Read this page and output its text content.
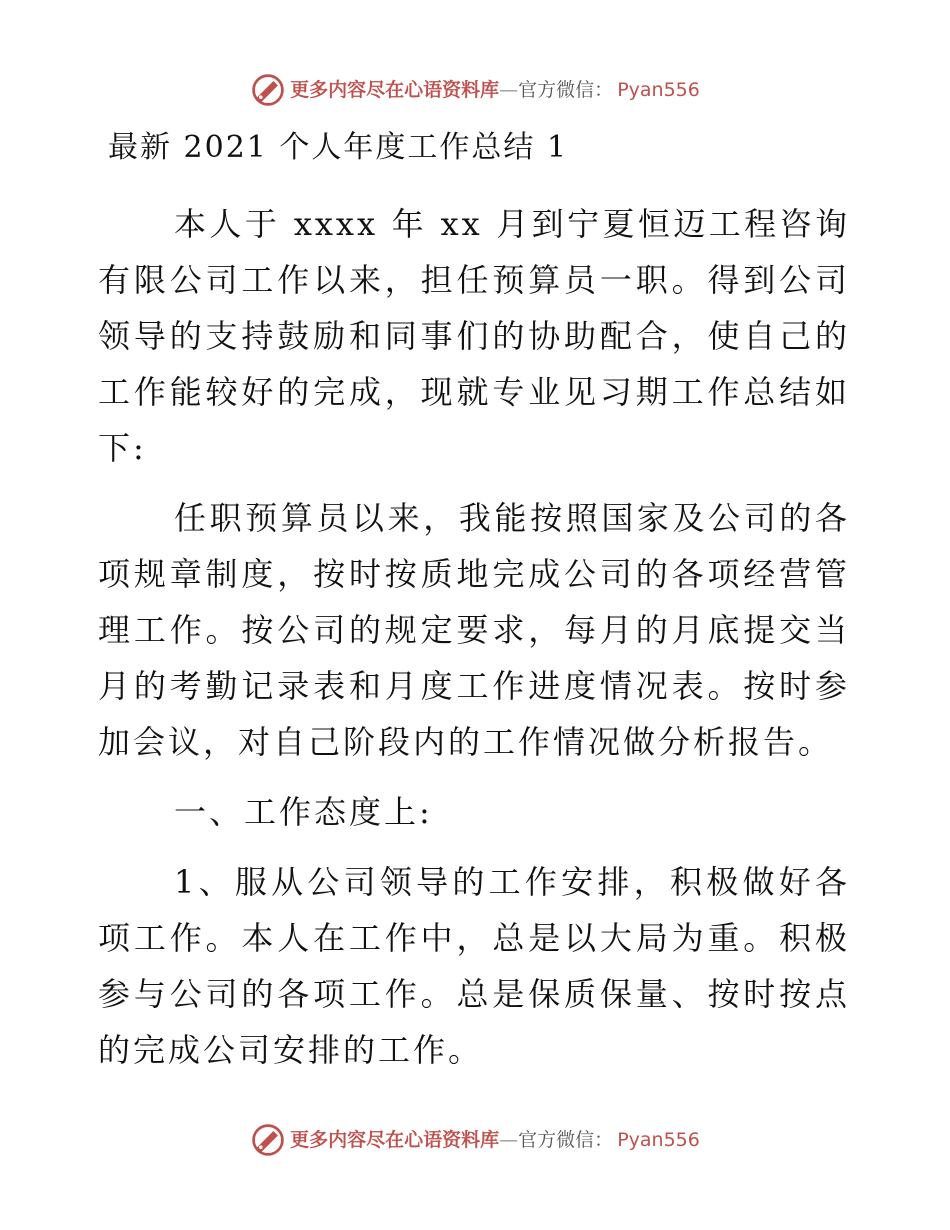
更多内容尽在心语资料库 — 官方微信： Pyan556
最新 2021 个人年度工作总结 1

本人于 xxxx 年 xx 月到宁夏恒迈工程咨询有限公司工作以来，担任预算员一职。得到公司领导的支持鼓励和同事们的协助配合，使自己的工作能较好的完成，现就专业见习期工作总结如下:

任职预算员以来，我能按照国家及公司的各项规章制度，按时按质地完成公司的各项经营管理工作。按公司的规定要求，每月的月底提交当月的考勤记录表和月度工作进度情况表。按时参加会议，对自己阶段内的工作情况做分析报告。

一、工作态度上:

1、服从公司领导的工作安排，积极做好各项工作。本人在工作中，总是以大局为重。积极参与公司的各项工作。总是保质保量、按时按点的完成公司安排的工作。

更多内容尽在心语资料库 — 官方微信： Pyan556
